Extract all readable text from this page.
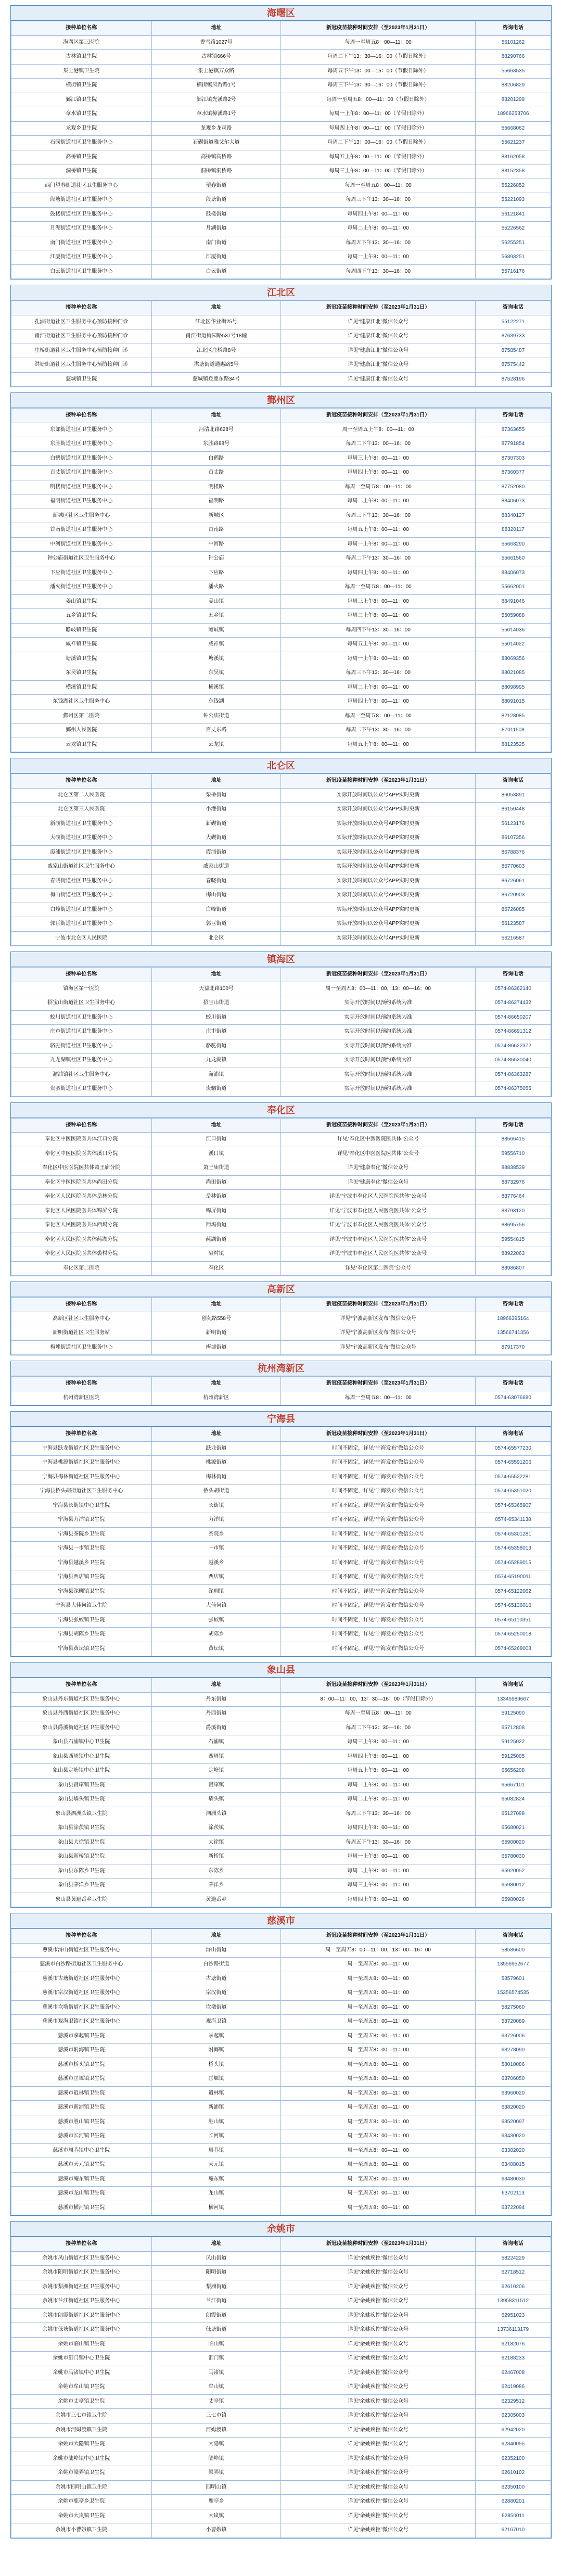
海曙区
接种单位名称	地址	新冠疫苗接种时间安排（至2023年1月31日）	咨询电话
海曙区第三医院	香雪路1027号	每周一至周五8：00—11：00	56101262
古林镇卫生院	古林镇666号	每周二下午13：30—16：00（节假日除外）	88290766
集士港镇卫生院	集士港镇万众路	每周五下午13：00—15：00（节假日除外）	55663535
横街镇卫生院	横街镇凤岙路1号	每周三下午13：30—16：00（节假日除外）	88206829
鄞江镇卫生院	鄞江镇光溪路2号	每周一至周五8：00—11：00（节假日除外）	88201299
章水镇卫生院	章水镇樟溪路1号	每周一上午8：00—11：00（节假日除外）	18966253706
龙观乡卫生院	龙观乡龙观路	每周四上午8：00—11：00（节假日除外）	55668062
石碶街道社区卫生服务中心	石碶街道雅戈尔大道	每周二下午13：00—16：00（节假日除外）	55621237
高桥镇卫生院	高桥镇高桥路	每周五上午8：00—11：00（节假日除外）	88162058
洞桥镇卫生院	洞桥镇洞桥路	每周三上午8：00—11：00（节假日除外）	88152358
西门望春街道社区卫生服务中心	望春街道	每周一至周五8：00—11：00	55226852
段塘街道社区卫生服务中心	段塘街道	每周三下午13：30—16：00	55221093
鼓楼街道社区卫生服务中心	鼓楼街道	每周四上午8：00—11：00	56121841
月湖街道社区卫生服务中心	月湖街道	每周二上午8：00—11：00	55226562
南门街道社区卫生服务中心	南门街道	每周五下午13：30—16：00	56255251
江厦街道社区卫生服务中心	江厦街道	每周一上午8：00—11：00	56893251
白云街道社区卫生服务中心	白云街道	每周四下午13：30—16：00	55716176
江北区
接种单位名称	地址	新冠疫苗接种时间安排（至2023年1月31日）	咨询电话
孔浦街道社区卫生服务中心预防接种门诊	江北区华业街25号	详见“健康江北”微信公众号	55122271
甬江街道社区卫生服务中心预防接种门诊	甬江街道梅园路537号18幢	详见“健康江北”微信公众号	87639733
庄桥街道社区卫生服务中心预防接种门诊	江北区庄桥路8号	详见“健康江北”微信公众号	87585487
洪塘街道社区卫生服务中心预防接种门诊	洪塘街道通惠路5号	详见“健康江北”微信公众号	87575442
慈城镇卫生院	慈城镇登鹿东路34号	详见“健康江北”微信公众号	87528196
鄞州区
接种单位名称	地址	新冠疫苗接种时间安排（至2023年1月31日）	咨询电话
东郊街道社区卫生服务中心	河清北路628号	周一至周五上午8：00—11：00	87363655
东胜街道社区卫生服务中心	东胜路88号	每周二下午13：00—16：00	87791854
白鹤街道社区卫生服务中心	白鹤路	每周三上午8：00—11：00	87307303
百丈街道社区卫生服务中心	百丈路	每周四上午8：00—11：00	87360377
明楼街道社区卫生服务中心	明楼路	每周一至周五8：00—11：00	87752080
福明街道社区卫生服务中心	福明路	每周二上午8：00—11：00	88406073
新城区社区卫生服务中心	新城区	每周三下午13：30—16：00	88340127
首南街道社区卫生服务中心	首南路	每周五上午8：00—11：00	88320117
中河街道社区卫生服务中心	中河路	每周一上午8：00—11：00	55663290
钟公庙街道社区卫生服务中心	钟公庙	每周二下午13：30—16：00	55661560
下应街道社区卫生服务中心	下应路	每周四上午8：00—11：00	88406073
潘火街道社区卫生服务中心	潘火路	每周一至周五8：00—11：00	55662001
姜山镇卫生院	姜山镇	每周三上午8：00—11：00	88491046
五乡镇卫生院	五乡镇	每周二上午8：00—11：00	55059088
瞻岐镇卫生院	瞻岐镇	每周四下午13：30—16：00	55014036
咸祥镇卫生院	咸祥镇	每周五上午8：00—11：00	55014022
塘溪镇卫生院	塘溪镇	每周一上午8：00—11：00	88069356
东吴镇卫生院	东吴镇	每周三下午13：30—16：00	88021085
横溪镇卫生院	横溪镇	每周二上午8：00—11：00	88098995
东钱湖社区卫生服务中心	东钱湖	每周四上午8：00—11：00	88091015
鄞州区第二医院	钟公庙街道	每周一至周五8：00—11：00	82128085
鄞州人民医院	百丈东路	每周二下午13：30—16：00	87011508
云龙镇卫生院	云龙镇	每周五上午8：00—11：00	88123525
北仑区
接种单位名称	地址	新冠疫苗接种时间安排（至2023年1月31日）	咨询电话
北仑区第二人民医院	柴桥街道	实际开放时间以公众号APP实时更新	86053891
北仑区第三人民医院	小港街道	实际开放时间以公众号APP实时更新	86150448
新碶街道社区卫生服务中心	新碶街道	实际开放时间以公众号APP实时更新	56123176
大碶街道社区卫生服务中心	大碶街道	实际开放时间以公众号APP实时更新	86107356
霞浦街道社区卫生服务中心	霞浦街道	实际开放时间以公众号APP实时更新	86788376
戚家山街道社区卫生服务中心	戚家山街道	实际开放时间以公众号APP实时更新	86770603
春晓街道社区卫生服务中心	春晓街道	实际开放时间以公众号APP实时更新	86726061
梅山街道社区卫生服务中心	梅山街道	实际开放时间以公众号APP实时更新	86720903
白峰街道社区卫生服务中心	白峰街道	实际开放时间以公众号APP实时更新	86726085
郭巨街道社区卫生服务中心	郭巨街道	实际开放时间以公众号APP实时更新	56123587
宁波市北仑区人民医院	北仑区	实际开放时间以公众号APP实时更新	56216587
镇海区
接种单位名称	地址	新冠疫苗接种时间安排（至2023年1月31日）	咨询电话
镇海区第一医院	天益北路100号	周一至周五8：00—11：00，13：00—16：00	0574-86362140
招宝山街道社区卫生服务中心	招宝山街道	实际开放时间以预约系统为准	0574-86274432
蛟川街道社区卫生服务中心	蛟川街道	实际开放时间以预约系统为准	0574-86650207
庄市街道社区卫生服务中心	庄市街道	实际开放时间以预约系统为准	0574-86691312
骆驼街道社区卫生服务中心	骆驼街道	实际开放时间以预约系统为准	0574-86622372
九龙湖镇社区卫生服务中心	九龙湖镇	实际开放时间以预约系统为准	0574-86530040
澥浦镇社区卫生服务中心	澥浦镇	实际开放时间以预约系统为准	0574-86363287
贵驷街道社区卫生服务中心	贵驷街道	实际开放时间以预约系统为准	0574-86375055
奉化区
接种单位名称	地址	新冠疫苗接种时间安排（至2023年1月31日）	咨询电话
奉化区中医医院医共体江口分院	江口街道	详见“奉化区中医医院医共体”公众号	88566415
奉化区中医医院医共体溪口分院	溪口镇	详见“奉化区中医医院医共体”公众号	59556710
奉化区中医医院医共体萧王庙分院	萧王庙街道	详见“健康奉化”微信公众号	88838539
奉化区中医医院医共体尚田分院	尚田街道	详见“健康奉化”微信公众号	88732976
奉化区人民医院医共体岳林分院	岳林街道	详见“宁波市奉化区人民医院医共体”公众号	88776464
奉化区人民医院医共体锦屏分院	锦屏街道	详见“宁波市奉化区人民医院医共体”公众号	88793120
奉化区人民医院医共体西坞分院	西坞街道	详见“宁波市奉化区人民医院医共体”公众号	88695756
奉化区人民医院医共体莼湖分院	莼湖街道	详见“宁波市奉化区人民医院医共体”公众号	59554815
奉化区人民医院医共体裘村分院	裘村镇	详见“宁波市奉化区人民医院医共体”公众号	88922063
奉化区第二医院	奉化区	详见“奉化区第二医院”公众号	88986807
高新区
接种单位名称	地址	新冠疫苗接种时间安排（至2023年1月31日）	咨询电话
高新区社区卫生服务中心	创苑路558号	详见“宁波高新区发布”微信公众号	18966395164
新明街道社区卫生服务站	新明街道	详见“宁波高新区发布”微信公众号	13566741356
梅墟街道社区卫生服务中心	梅墟街道	详见“宁波高新区发布”微信公众号	87917370
杭州湾新区
接种单位名称	地址	新冠疫苗接种时间安排（至2023年1月31日）	咨询电话
杭州湾新区医院	杭州湾新区	每周一至周五8：00—11：00	0574-63076680
宁海县
接种单位名称	地址	新冠疫苗接种时间安排（至2023年1月31日）	咨询电话
宁海县跃龙街道社区卫生服务中心	跃龙街道	时间不固定，详见“宁海发布”微信公众号	0574-65577230
宁海县桃源街道社区卫生服务中心	桃源街道	时间不固定，详见“宁海发布”微信公众号	0574-65591206
宁海县梅林街道社区卫生服务中心	梅林街道	时间不固定，详见“宁海发布”微信公众号	0574-65522281
宁海县桥头胡街道社区卫生服务中心	桥头胡街道	时间不固定，详见“宁海发布”微信公众号	0574-65351020
宁海县长街镇中心卫生院	长街镇	时间不固定，详见“宁海发布”微信公众号	0574-65365907
宁海县力洋镇卫生院	力洋镇	时间不固定，详见“宁海发布”微信公众号	0574-65341138
宁海县茶院乡卫生院	茶院乡	时间不固定，详见“宁海发布”微信公众号	0574-65301281
宁海县一市镇卫生院	一市镇	时间不固定，详见“宁海发布”微信公众号	0574-65358013
宁海县越溪乡卫生院	越溪乡	时间不固定，详见“宁海发布”微信公众号	0574-65289015
宁海县西店镇卫生院	西店镇	时间不固定，详见“宁海发布”微信公众号	0574-65190011
宁海县深甽镇卫生院	深甽镇	时间不固定，详见“宁海发布”微信公众号	0574-65122062
宁海县大佳何镇卫生院	大佳何镇	时间不固定，详见“宁海发布”微信公众号	0574-65136016
宁海县强蛟镇卫生院	强蛟镇	时间不固定，详见“宁海发布”微信公众号	0574-65110351
宁海县胡陈乡卫生院	胡陈乡	时间不固定，详见“宁海发布”微信公众号	0574-65250018
宁海县黄坛镇卫生院	黄坛镇	时间不固定，详见“宁海发布”微信公众号	0574-65268008
象山县
接种单位名称	地址	新冠疫苗接种时间安排（至2023年1月31日）	咨询电话
象山县丹东街道社区卫生服务中心	丹东街道	8：00—11：00，13：30—16：00（节假日除外）	13345989667
象山县丹西街道社区卫生服务中心	丹西街道	每周一至周五8：00—11：00	59125090
象山县爵溪街道社区卫生服务中心	爵溪街道	每周二下午13：30—16：00	65712808
象山县石浦镇中心卫生院	石浦镇	每周三上午8：00—11：00	59125022
象山县西周镇中心卫生院	西周镇	每周四上午8：00—11：00	59125005
象山县定塘镇中心卫生院	定塘镇	每周五上午8：00—11：00	65656208
象山县贤庠镇卫生院	贤庠镇	每周一上午8：00—11：00	65667101
象山县墙头镇卫生院	墙头镇	每周二上午8：00—11：00	65082824
象山县泗洲头镇卫生院	泗洲头镇	每周三下午13：30—16：00	65127098
象山县涂茨镇卫生院	涂茨镇	每周四上午8：00—11：00	65680021
象山县大徐镇卫生院	大徐镇	每周五下午13：30—16：00	65900020
象山县新桥镇卫生院	新桥镇	每周一上午8：00—11：00	65780030
象山县东陈乡卫生院	东陈乡	每周二上午8：00—11：00	65920052
象山县茅洋乡卫生院	茅洋乡	每周三上午8：00—11：00	65980012
象山县黄避岙乡卫生院	黄避岙乡	每周四上午8：00—11：00	65980026
慈溪市
接种单位名称	地址	新冠疫苗接种时间安排（至2023年1月31日）	咨询电话
慈溪市浒山街道社区卫生服务中心	浒山街道	周一至周五8：00—11：00，13：00—16：00	58586600
慈溪市白沙路街道社区卫生服务中心	白沙路街道	周一至周五8：00—11：00	13556952677
慈溪市古塘街道社区卫生服务中心	古塘街道	周一至周五8：00—11：00	58579601
慈溪市宗汉街道社区卫生服务中心	宗汉街道	周一至周五8：00—11：00	15356574535
慈溪市坎墩街道社区卫生服务中心	坎墩街道	周一至周五8：00—11：00	58275060
慈溪市观海卫镇社区卫生服务中心	观海卫镇	周一至周五8：00—11：00	58720089
慈溪市掌起镇卫生院	掌起镇	周一至周五8：00—11：00	63726006
慈溪市附海镇卫生院	附海镇	周一至周五8：00—11：00	63278090
慈溪市桥头镇卫生院	桥头镇	周一至周五8：00—11：00	58010086
慈溪市匡堰镇卫生院	匡堰镇	周一至周五8：00—11：00	63706050
慈溪市逍林镇卫生院	逍林镇	周一至周五8：00—11：00	63960020
慈溪市新浦镇卫生院	新浦镇	周一至周五8：00—11：00	63820020
慈溪市胜山镇卫生院	胜山镇	周一至周五8：00—11：00	63520097
慈溪市长河镇卫生院	长河镇	周一至周五8：00—11：00	63430020
慈溪市周巷镇中心卫生院	周巷镇	周一至周五8：00—11：00	63302020
慈溪市天元镇卫生院	天元镇	周一至周五8：00—11：00	63408015
慈溪市庵东镇卫生院	庵东镇	周一至周五8：00—11：00	63480030
慈溪市龙山镇卫生院	龙山镇	周一至周五8：00—11：00	63702113
慈溪市横河镇卫生院	横河镇	周一至周五8：00—11：00	63722094
余姚市
接种单位名称	地址	新冠疫苗接种时间安排（至2023年1月31日）	咨询电话
余姚市凤山街道社区卫生服务中心	凤山街道	详见“余姚疾控”微信公众号	58224229
余姚市阳明街道社区卫生服务中心	阳明街道	详见“余姚疾控”微信公众号	62718512
余姚市梨洲街道社区卫生服务中心	梨洲街道	详见“余姚疾控”微信公众号	62610206
余姚市兰江街道社区卫生服务中心	兰江街道	详见“余姚疾控”微信公众号	13958311512
余姚市朗霞街道社区卫生服务中心	朗霞街道	详见“余姚疾控”微信公众号	62951023
余姚市低塘街道社区卫生服务中心	低塘街道	详见“余姚疾控”微信公众号	13736113179
余姚市临山镇卫生院	临山镇	详见“余姚疾控”微信公众号	62182076
余姚市泗门镇中心卫生院	泗门镇	详见“余姚疾控”微信公众号	62188233
余姚市马渚镇中心卫生院	马渚镇	详见“余姚疾控”微信公众号	62467008
余姚市牟山镇卫生院	牟山镇	详见“余姚疾控”微信公众号	62419086
余姚市丈亭镇卫生院	丈亭镇	详见“余姚疾控”微信公众号	62329512
余姚市三七市镇卫生院	三七市镇	详见“余姚疾控”微信公众号	62305003
余姚市河姆渡镇卫生院	河姆渡镇	详见“余姚疾控”微信公众号	62942020
余姚市大隐镇卫生院	大隐镇	详见“余姚疾控”微信公众号	62340055
余姚市陆埠镇中心卫生院	陆埠镇	详见“余姚疾控”微信公众号	62352100
余姚市梁弄镇卫生院	梁弄镇	详见“余姚疾控”微信公众号	62610102
余姚市四明山镇卫生院	四明山镇	详见“余姚疾控”微信公众号	62350100
余姚市鹿亭乡卫生院	鹿亭乡	详见“余姚疾控”微信公众号	62880201
余姚市大岚镇卫生院	大岚镇	详见“余姚疾控”微信公众号	62850011
余姚市小曹娥镇卫生院	小曹娥镇	详见“余姚疾控”微信公众号	62167010
